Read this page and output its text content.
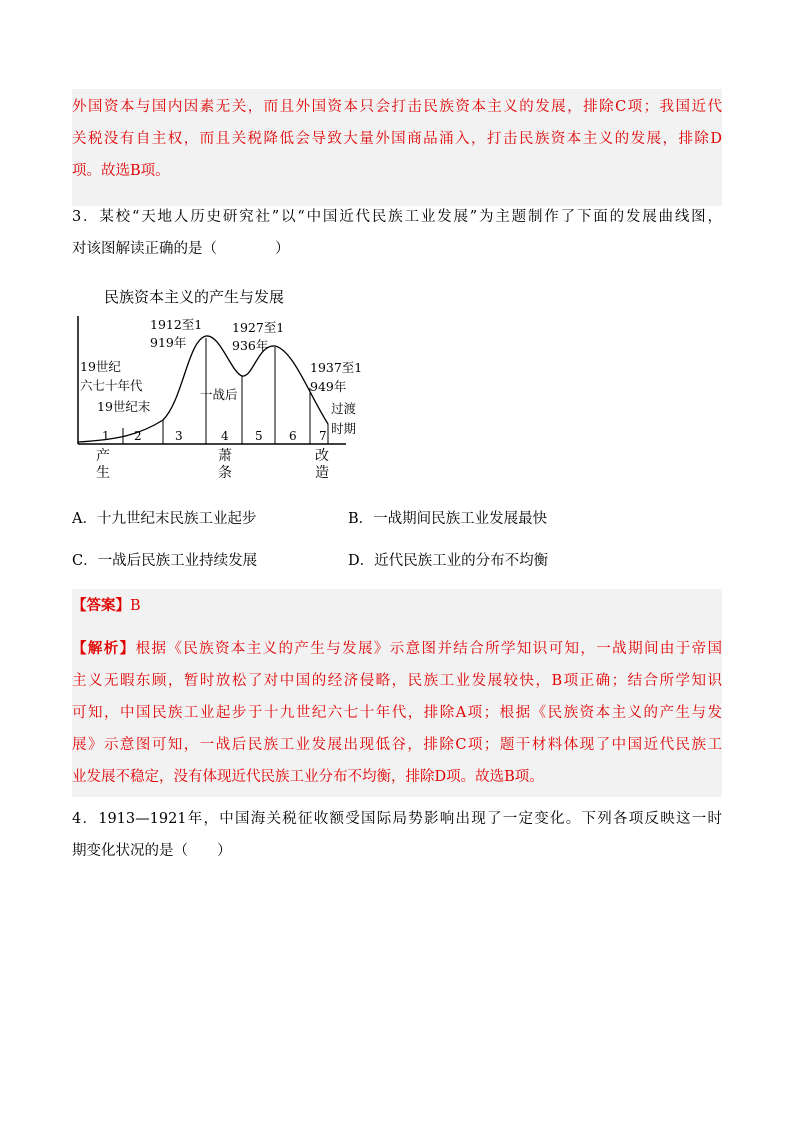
外国资本与国内因素无关，而且外国资本只会打击民族资本主义的发展，排除C项；我国近代
关税没有自主权，而且关税降低会导致大量外国商品涌入，打击民族资本主义的发展，排除D
项。故选B项。
3．某校“天地人历史研究社”以“中国近代民族工业发展”为主题制作了下面的发展曲线图，
对该图解读正确的是（　　　　）
民族资本主义的产生与发展
1 2	3	4 5 6 7
19世纪
六七十年代
19世纪末
1912至1
919年
一战后
1927至1
936年
1937至1
949年
过渡
时期
产
生
萧
条
改
造
A．十九世纪末民族工业起步	B．一战期间民族工业发展最快
C．一战后民族工业持续发展	D．近代民族工业的分布不均衡
【答案】B
【解析】根据《民族资本主义的产生与发展》示意图并结合所学知识可知，一战期间由于帝国
主义无暇东顾，暂时放松了对中国的经济侵略，民族工业发展较快，B项正确；结合所学知识
可知，中国民族工业起步于十九世纪六七十年代，排除A项；根据《民族资本主义的产生与发
展》示意图可知，一战后民族工业发展出现低谷，排除C项；题干材料体现了中国近代民族工
业发展不稳定，没有体现近代民族工业分布不均衡，排除D项。故选B项。
4．1913—1921年，中国海关税征收额受国际局势影响出现了一定变化。下列各项反映这一时
期变化状况的是（　　）
